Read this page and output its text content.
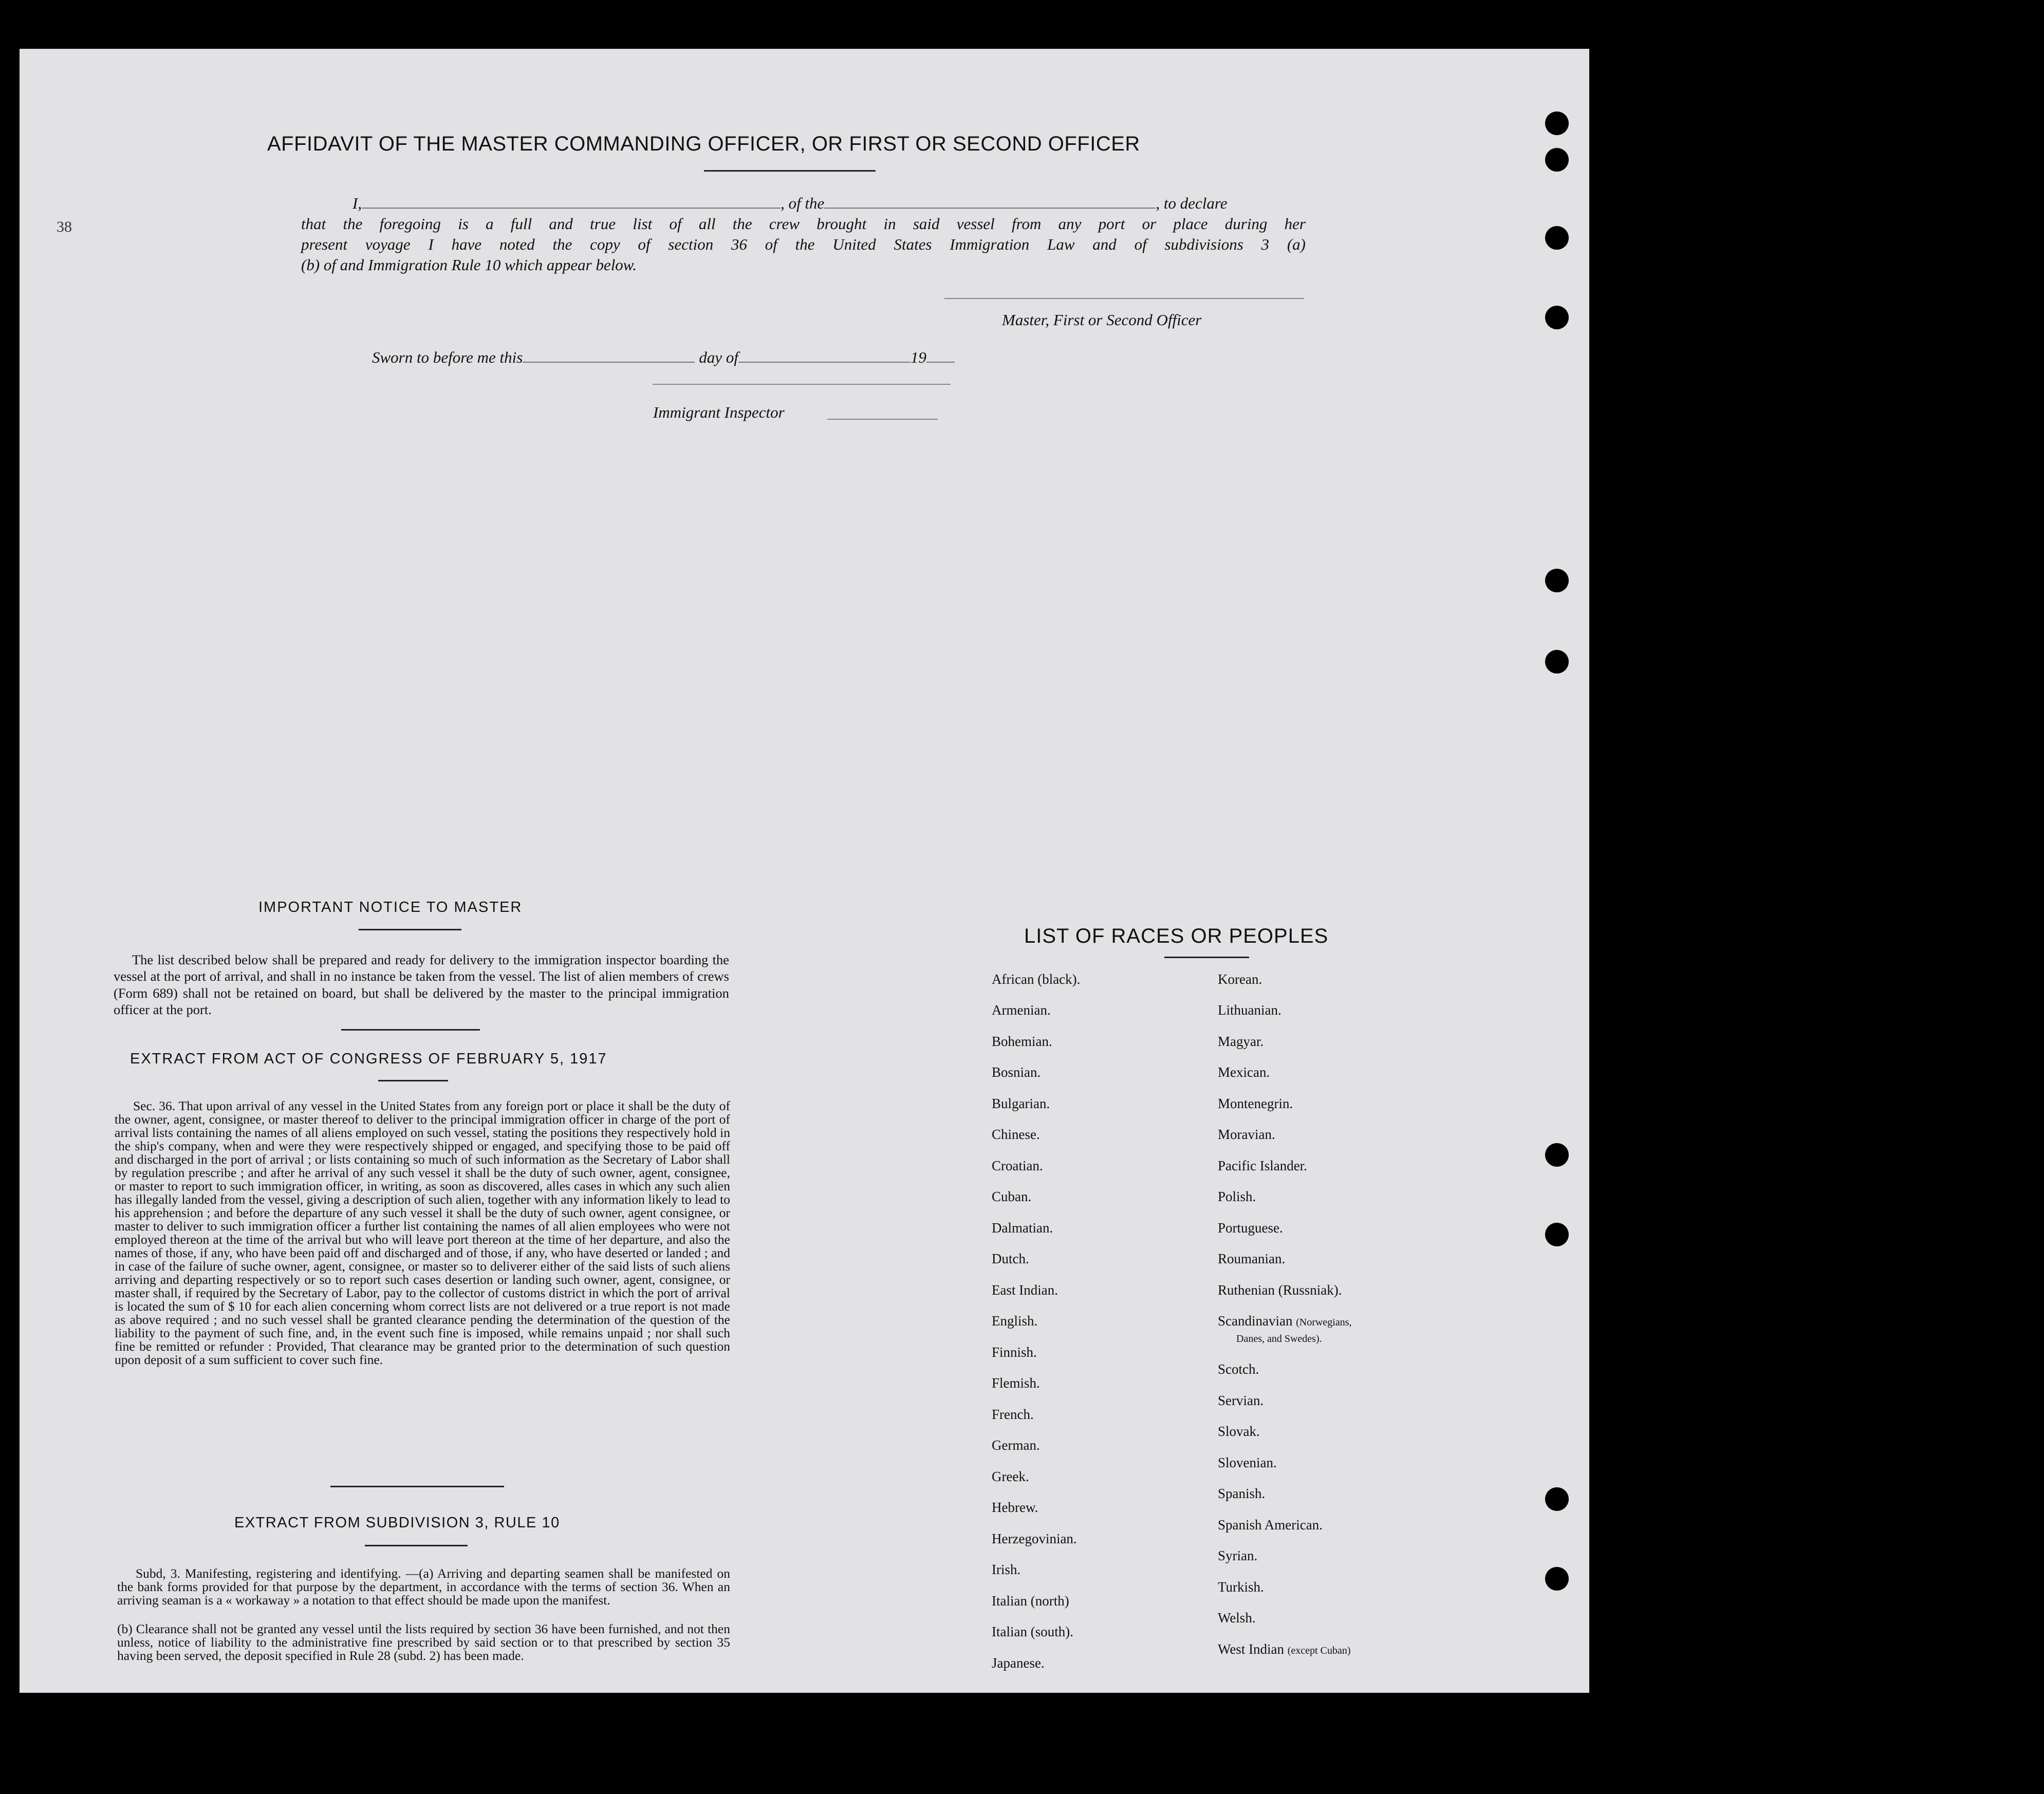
AFFIDAVIT OF THE MASTER COMMANDING OFFICER, OR FIRST OR SECOND OFFICER
38
I,	, of the	, to declare
that the foregoing is a full and true list of all the crew brought in said vessel from any port or place during her
present voyage I have noted the copy of section 36 of the United States Immigration Law and of subdivisions 3 (a)
(b) of and Immigration Rule 10 which appear below.
Master, First or Second Officer
Sworn to before me this	day of	19
Immigrant Inspector
IMPORTANT NOTICE TO MASTER
The list described below shall be prepared and ready for delivery to the immigration inspector boarding the vessel at the port of arrival, and shall in no instance be taken from the vessel. The list of alien members of crews (Form 689) shall not be retained on board, but shall be delivered by the master to the principal immigration officer at the port.
EXTRACT FROM ACT OF CONGRESS OF FEBRUARY 5, 1917
Sec. 36. That upon arrival of any vessel in the United States from any foreign port or place it shall be the duty of the owner, agent, consignee, or master thereof to deliver to the principal immigration officer in charge of the port of arrival lists containing the names of all aliens employed on such vessel, stating the positions they respectively hold in the ship's company, when and were they were respectively shipped or engaged, and specifying those to be paid off and discharged in the port of arrival ; or lists containing so much of such information as the Secretary of Labor shall by regulation prescribe ; and after he arrival of any such vessel it shall be the duty of such owner, agent, consignee, or master to report to such immigration officer, in writing, as soon as discovered, alles cases in which any such alien has illegally landed from the vessel, giving a description of such alien, together with any information likely to lead to his apprehension ; and before the departure of any such vessel it shall be the duty of such owner, agent consignee, or master to deliver to such immigration officer a further list containing the names of all alien employees who were not employed thereon at the time of the arrival but who will leave port thereon at the time of her departure, and also the names of those, if any, who have been paid off and discharged and of those, if any, who have deserted or landed ; and in case of the failure of suche owner, agent, consignee, or master so to deliverer either of the said lists of such aliens arriving and departing respectively or so to report such cases desertion or landing such owner, agent, consignee, or master shall, if required by the Secretary of Labor, pay to the collector of customs district in which the port of arrival is located the sum of $ 10 for each alien concerning whom correct lists are not delivered or a true report is not made as above required ; and no such vessel shall be granted clearance pending the determination of the question of the liability to the payment of such fine, and, in the event such fine is imposed, while remains unpaid ; nor shall such fine be remitted or refunder : Provided, That clearance may be granted prior to the determination of such question upon deposit of a sum sufficient to cover such fine.
EXTRACT FROM SUBDIVISION 3, RULE 10
Subd, 3. Manifesting, registering and identifying. —(a) Arriving and departing seamen shall be manifested on the bank forms provided for that purpose by the department, in accordance with the terms of section 36. When an arriving seaman is a « workaway » a notation to that effect should be made upon the manifest.
(b) Clearance shall not be granted any vessel until the lists required by section 36 have been furnished, and not then unless, notice of liability to the administrative fine prescribed by said section or to that prescribed by section 35 having been served, the deposit specified in Rule 28 (subd. 2) has been made.
LIST OF RACES OR PEOPLES
African (black).
Armenian.
Bohemian.
Bosnian.
Bulgarian.
Chinese.
Croatian.
Cuban.
Dalmatian.
Dutch.
East Indian.
English.
Finnish.
Flemish.
French.
German.
Greek.
Hebrew.
Herzegovinian.
Irish.
Italian (north)
Italian (south).
Japanese.
Korean.
Lithuanian.
Magyar.
Mexican.
Montenegrin.
Moravian.
Pacific Islander.
Polish.
Portuguese.
Roumanian.
Ruthenian (Russniak).
Scandinavian (Norwegians,
Danes, and Swedes).
Scotch.
Servian.
Slovak.
Slovenian.
Spanish.
Spanish American.
Syrian.
Turkish.
Welsh.
West Indian (except Cuban)
